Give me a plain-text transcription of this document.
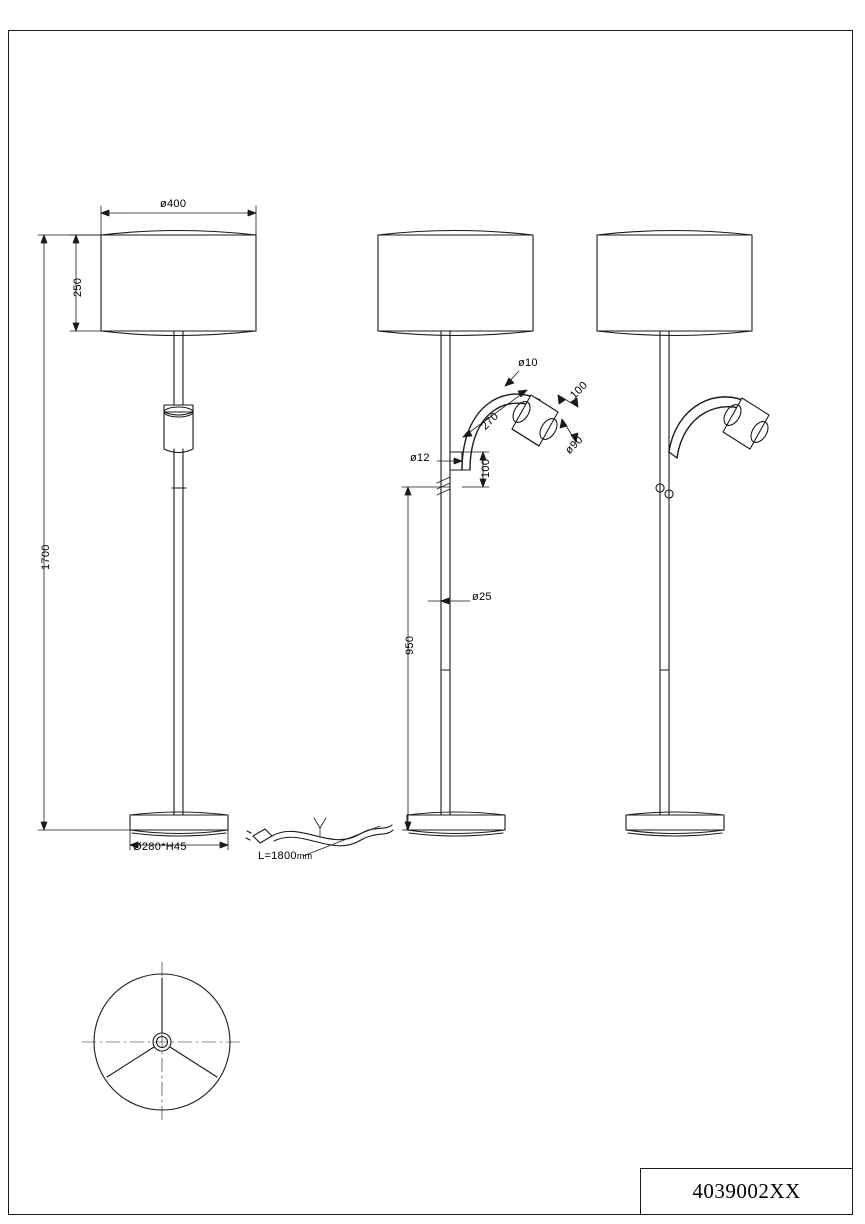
ø400
250
1700
Ø280*H45
ø10
270
100
ø90
ø12
100
ø25
950
L=1800mm
4039002XX
